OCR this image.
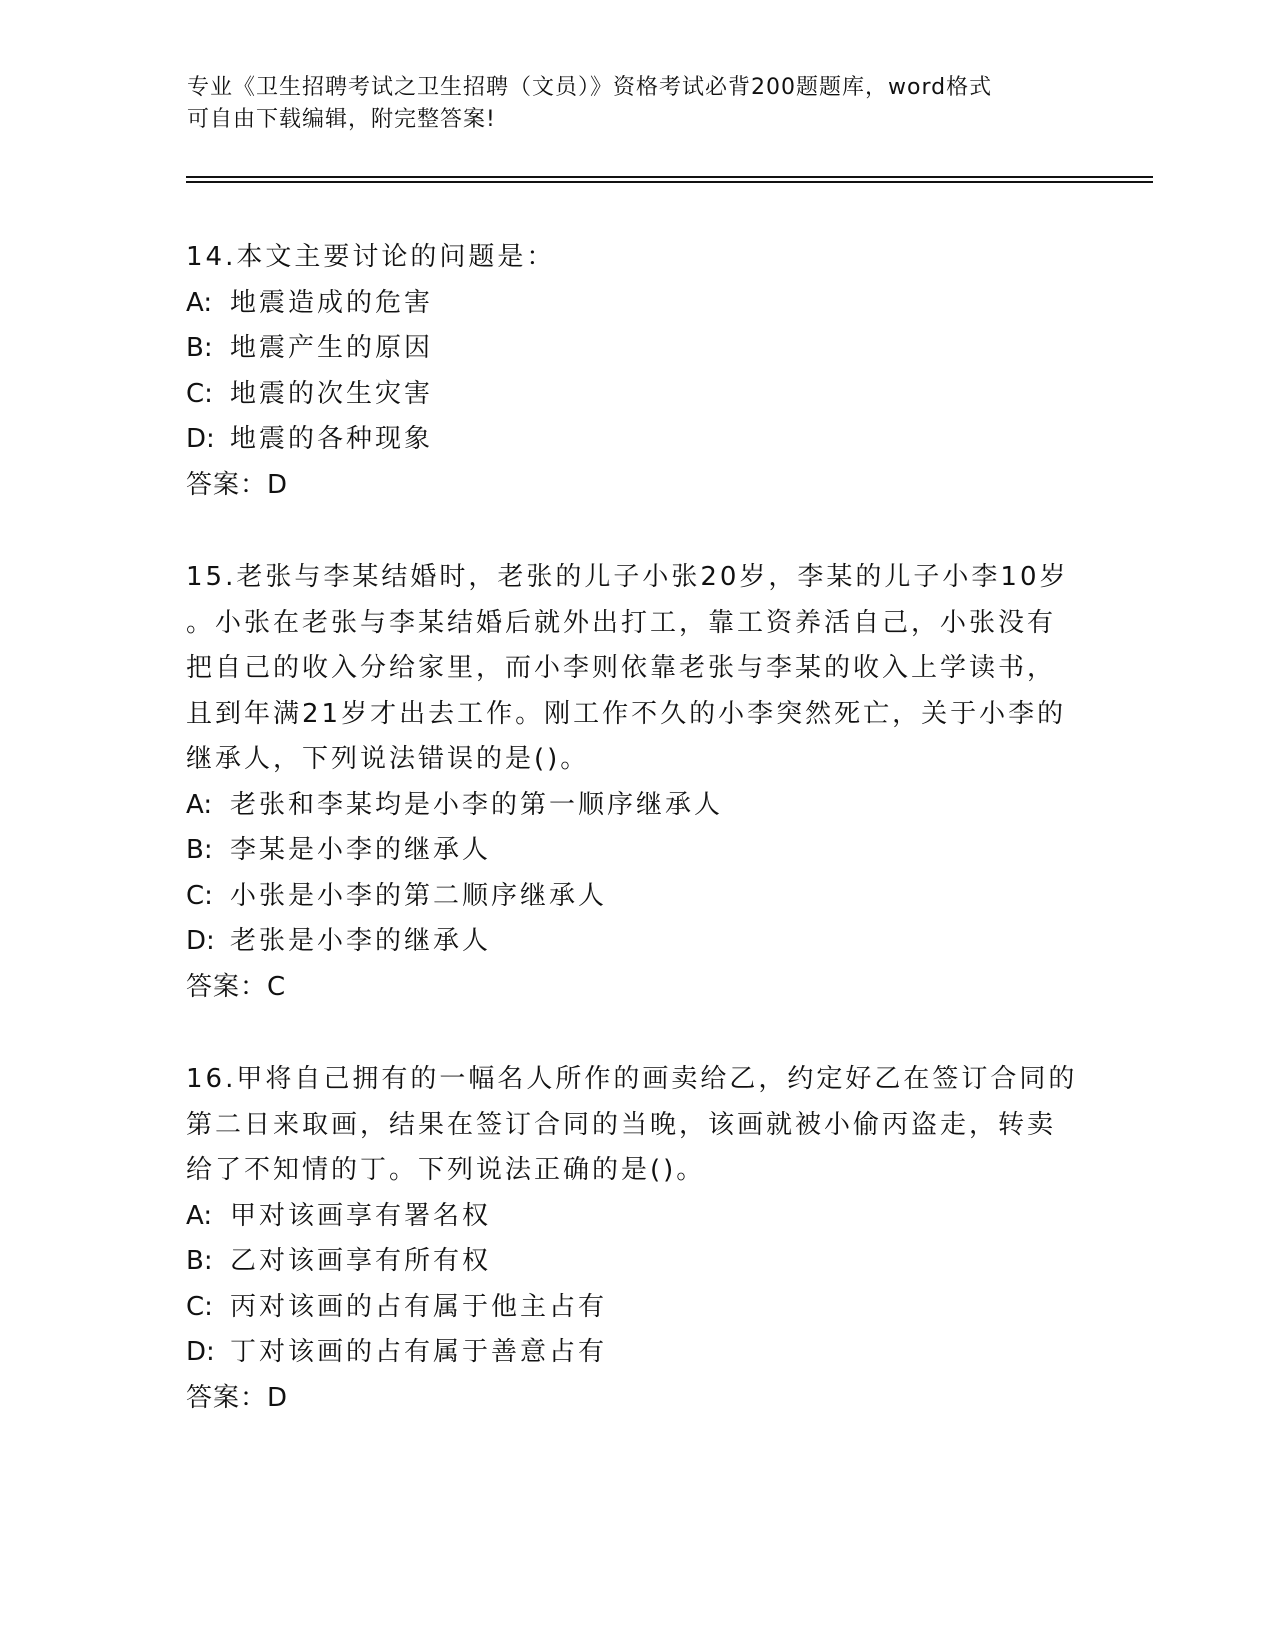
专业《卫生招聘考试之卫生招聘（文员）》资格考试必背200题题库，word格式
可自由下载编辑，附完整答案!

14.本文主要讨论的问题是：

A: 地震造成的危害

B: 地震产生的原因

C: 地震的次生灾害

D: 地震的各种现象

答案：D

15.老张与李某结婚时，老张的儿子小张20岁，李某的儿子小李10岁

。小张在老张与李某结婚后就外出打工，靠工资养活自己，小张没有

把自己的收入分给家里，而小李则依靠老张与李某的收入上学读书，

且到年满21岁才出去工作。刚工作不久的小李突然死亡，关于小李的

继承人，下列说法错误的是()。

A: 老张和李某均是小李的第一顺序继承人

B: 李某是小李的继承人

C: 小张是小李的第二顺序继承人

D: 老张是小李的继承人

答案：C

16.甲将自己拥有的一幅名人所作的画卖给乙，约定好乙在签订合同的

第二日来取画，结果在签订合同的当晚，该画就被小偷丙盗走，转卖

给了不知情的丁。下列说法正确的是()。

A: 甲对该画享有署名权

B: 乙对该画享有所有权

C: 丙对该画的占有属于他主占有

D: 丁对该画的占有属于善意占有

答案：D
